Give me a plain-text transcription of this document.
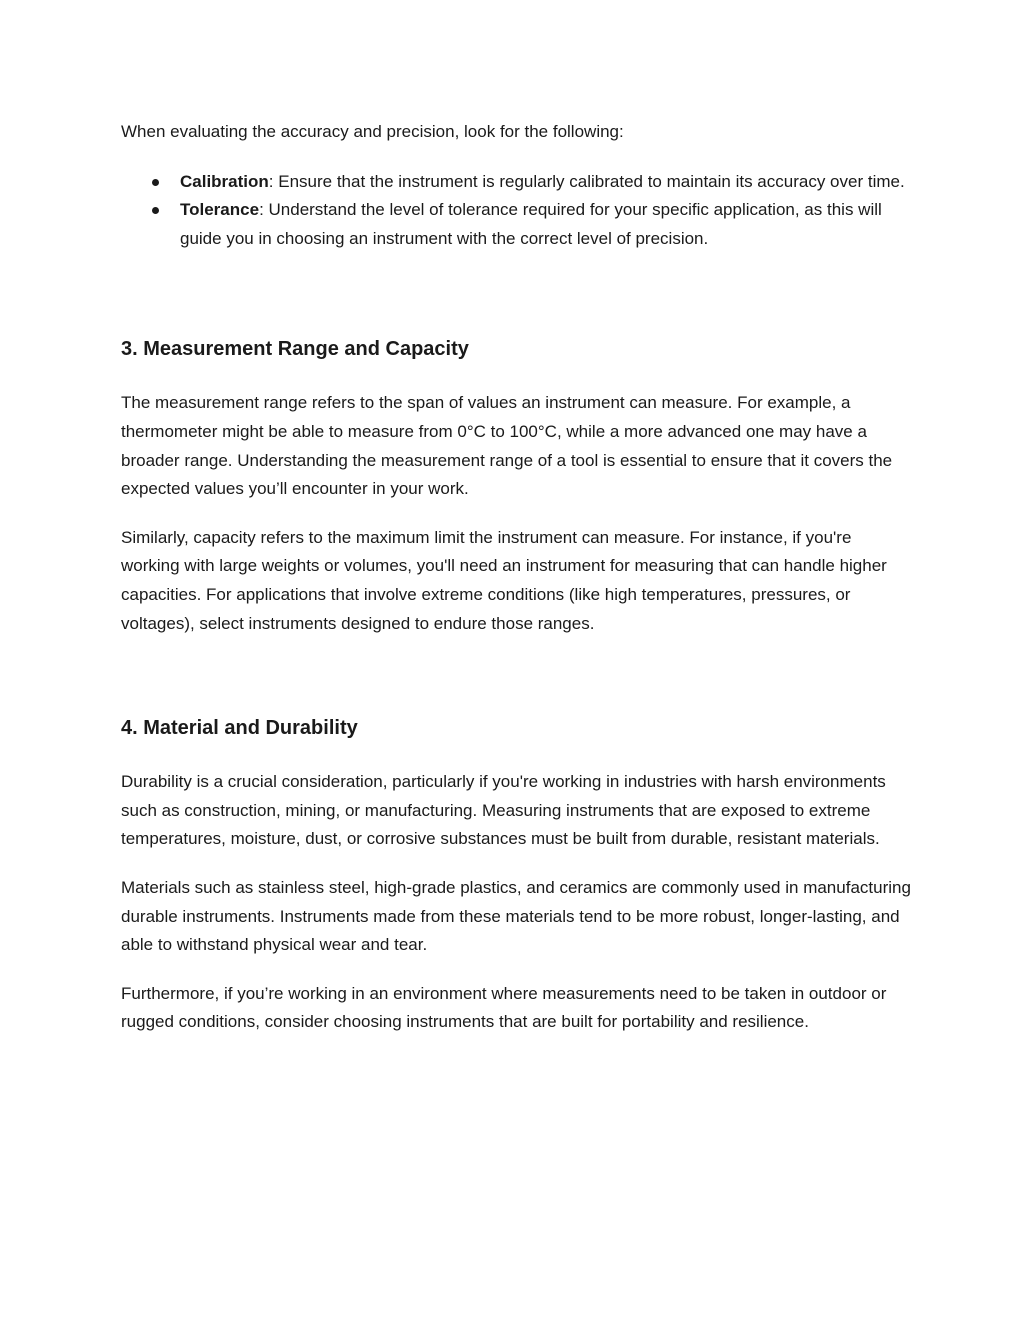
When evaluating the accuracy and precision, look for the following:

Calibration: Ensure that the instrument is regularly calibrated to maintain its accuracy over time.
Tolerance: Understand the level of tolerance required for your specific application, as this will guide you in choosing an instrument with the correct level of precision.
3. Measurement Range and Capacity

The measurement range refers to the span of values an instrument can measure. For example, a thermometer might be able to measure from 0°C to 100°C, while a more advanced one may have a broader range. Understanding the measurement range of a tool is essential to ensure that it covers the expected values you’ll encounter in your work.

Similarly, capacity refers to the maximum limit the instrument can measure. For instance, if you're working with large weights or volumes, you'll need an instrument for measuring that can handle higher capacities. For applications that involve extreme conditions (like high temperatures, pressures, or voltages), select instruments designed to endure those ranges.

4. Material and Durability

Durability is a crucial consideration, particularly if you're working in industries with harsh environments such as construction, mining, or manufacturing. Measuring instruments that are exposed to extreme temperatures, moisture, dust, or corrosive substances must be built from durable, resistant materials.

Materials such as stainless steel, high-grade plastics, and ceramics are commonly used in manufacturing durable instruments. Instruments made from these materials tend to be more robust, longer-lasting, and able to withstand physical wear and tear.

Furthermore, if you’re working in an environment where measurements need to be taken in outdoor or rugged conditions, consider choosing instruments that are built for portability and resilience.
